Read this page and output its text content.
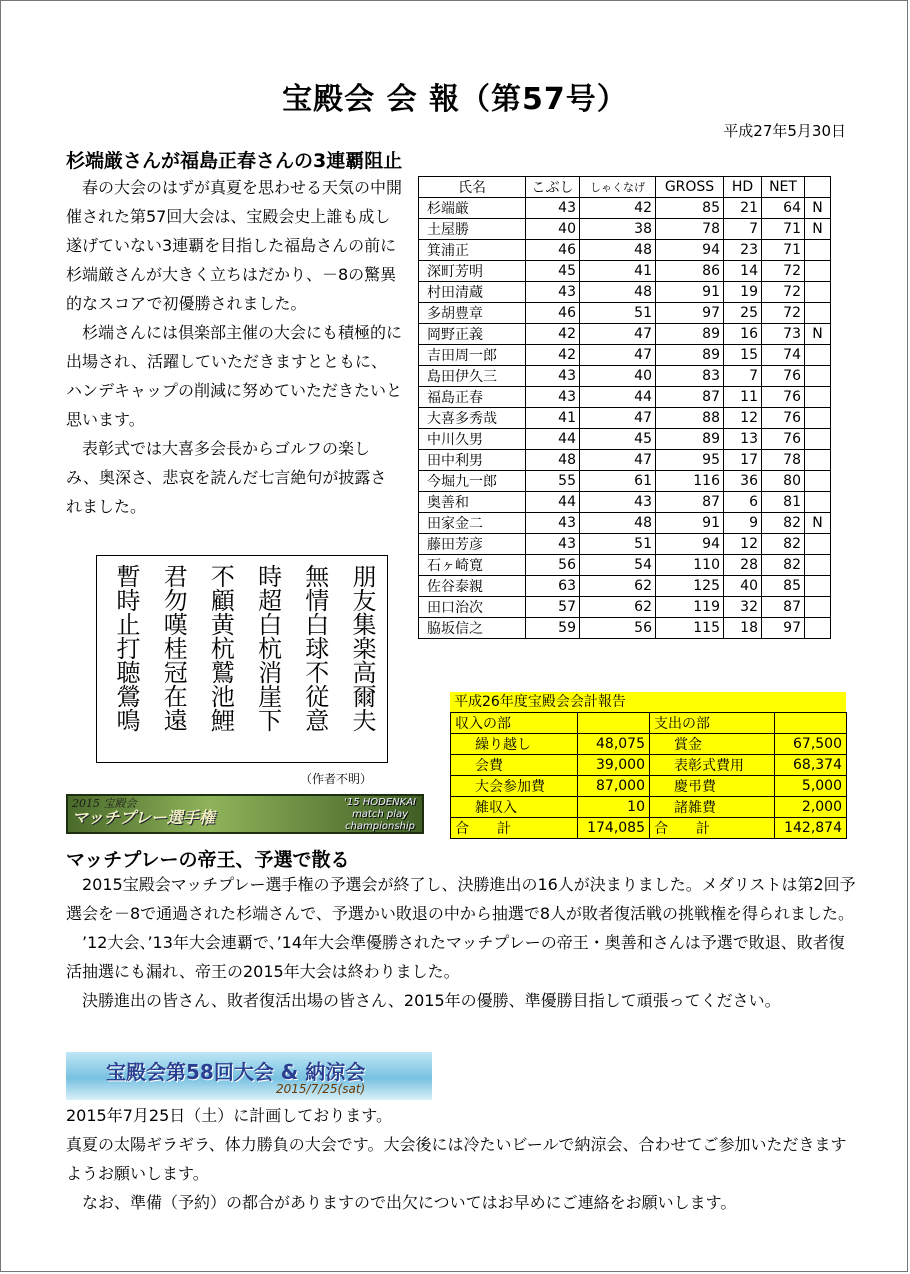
宝殿会 会 報（第57号）
平成27年5月30日
杉端厳さんが福島正春さんの3連覇阻止

春の大会のはずが真夏を思わせる天気の中開催された第57回大会は、宝殿会史上誰も成し遂げていない3連覇を目指した福島さんの前に杉端厳さんが大きく立ちはだかり、－8の驚異的なスコアで初優勝されました。

杉端さんには倶楽部主催の大会にも積極的に出場され、活躍していただきますとともに、ハンデキャップの削減に努めていただきたいと思います。

表彰式では大喜多会長からゴルフの楽しみ、奥深さ、悲哀を読んだ七言絶句が披露されました。

朋友集楽高爾夫
無情白球不従意
時超白杭消崖下
不顧黄杭鷲池鯉
君勿嘆桂冠在遠
暫時止打聴鶯鳴
（作者不明）
氏名	こぶし	しゃくなげ	GROSS	HD	NET	
杉端厳	43	42	85	21	64	N
土屋勝	40	38	78	7	71	N
箕浦正	46	48	94	23	71	
深町芳明	45	41	86	14	72	
村田清蔵	43	48	91	19	72	
多胡豊章	46	51	97	25	72	
岡野正義	42	47	89	16	73	N
吉田周一郎	42	47	89	15	74	
島田伊久三	43	40	83	7	76	
福島正春	43	44	87	11	76	
大喜多秀哉	41	47	88	12	76	
中川久男	44	45	89	13	76	
田中利男	48	47	95	17	78	
今堀九一郎	55	61	116	36	80	
奥善和	44	43	87	6	81	
田家金二	43	48	91	9	82	N
藤田芳彦	43	51	94	12	82	
石ヶ崎寛	56	54	110	28	82	
佐谷泰親	63	62	125	40	85	
田口治次	57	62	119	32	87	
脇坂信之	59	56	115	18	97	
平成26年度宝殿会会計報告
収入の部		支出の部	
繰り越し	48,075	賞金	67,500
会費	39,000	表彰式費用	68,374
大会参加費	87,000	慶弔費	5,000
雑収入	10	諸雑費	2,000
合　　計	174,085	合　　計	142,874
2015 宝殿会
マッチプレー選手権
'15 HODENKAI
match play
championship
マッチプレーの帝王、予選で散る

2015宝殿会マッチプレー選手権の予選会が終了し、決勝進出の16人が決まりました。メダリストは第2回予選会を－8で通過された杉端さんで、予選かい敗退の中から抽選で8人が敗者復活戦の挑戦権を得られました。

’12大会、’13年大会連覇で、’14年大会準優勝されたマッチプレーの帝王・奥善和さんは予選で敗退、敗者復活抽選にも漏れ、帝王の2015年大会は終わりました。

決勝進出の皆さん、敗者復活出場の皆さん、2015年の優勝、準優勝目指して頑張ってください。

宝殿会第58回大会 & 納涼会
2015/7/25(sat)

2015年7月25日（土）に計画しております。

真夏の太陽ギラギラ、体力勝負の大会です。大会後には冷たいビールで納涼会、合わせてご参加いただきますようお願いします。

なお、準備（予約）の都合がありますので出欠についてはお早めにご連絡をお願いします。
